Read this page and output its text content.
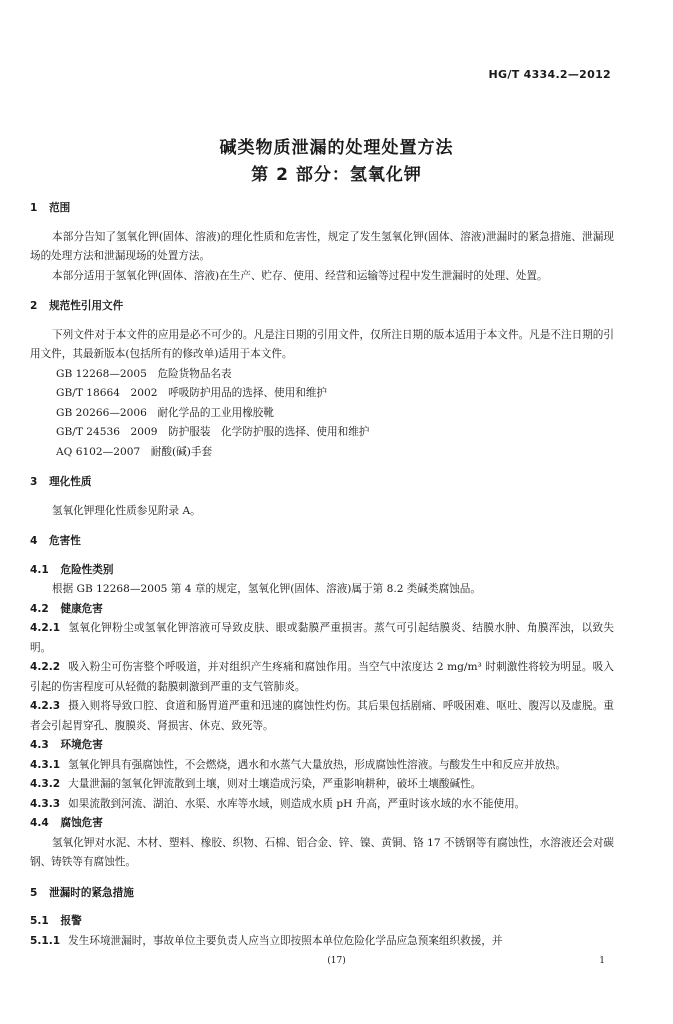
HG/T 4334.2—2012
碱类物质泄漏的处理处置方法
第 2 部分：氢氧化钾
1 范围
本部分告知了氢氧化钾(固体、溶液)的理化性质和危害性，规定了发生氢氧化钾(固体、溶液)泄漏时的紧急措施、泄漏现场的处理方法和泄漏现场的处置方法。
本部分适用于氢氧化钾(固体、溶液)在生产、贮存、使用、经营和运输等过程中发生泄漏时的处理、处置。
2 规范性引用文件
下列文件对于本文件的应用是必不可少的。凡是注日期的引用文件，仅所注日期的版本适用于本文件。凡是不注日期的引用文件，其最新版本(包括所有的修改单)适用于本文件。
GB 12268—2005　危险货物品名表
GB/T 18664　2002　呼吸防护用品的选择、使用和维护
GB 20266—2006　耐化学品的工业用橡胶靴
GB/T 24536　2009　防护服装　化学防护服的选择、使用和维护
AQ 6102—2007　耐酸(碱)手套
3 理化性质
氢氧化钾理化性质参见附录 A。
4 危害性
4.1 危险性类别
根据 GB 12268—2005 第 4 章的规定，氢氧化钾(固体、溶液)属于第 8.2 类碱类腐蚀品。
4.2 健康危害
4.2.1 氢氧化钾粉尘或氢氧化钾溶液可导致皮肤、眼或黏膜严重损害。蒸气可引起结膜炎、结膜水肿、角膜浑浊，以致失明。
4.2.2 吸入粉尘可伤害整个呼吸道，并对组织产生疼痛和腐蚀作用。当空气中浓度达 2 mg/m³ 时刺激性将较为明显。吸入引起的伤害程度可从轻微的黏膜刺激到严重的支气管肺炎。
4.2.3 摄入则将导致口腔、食道和肠胃道严重和迅速的腐蚀性灼伤。其后果包括剧痛、呼吸困难、呕吐、腹泻以及虚脱。重者会引起胃穿孔、腹膜炎、肾损害、休克、致死等。
4.3 环境危害
4.3.1 氢氧化钾具有强腐蚀性，不会燃烧，遇水和水蒸气大量放热，形成腐蚀性溶液。与酸发生中和反应并放热。
4.3.2 大量泄漏的氢氧化钾流散到土壤，则对土壤造成污染，严重影响耕种，破坏土壤酸碱性。
4.3.3 如果流散到河流、湖泊、水渠、水库等水域，则造成水质 pH 升高，严重时该水域的水不能使用。
4.4 腐蚀危害
氢氧化钾对水泥、木材、塑料、橡胶、织物、石棉、铝合金、锌、镍、黄铜、铬 17 不锈钢等有腐蚀性，水溶液还会对碳钢、铸铁等有腐蚀性。
5 泄漏时的紧急措施
5.1 报警
5.1.1 发生环境泄漏时，事故单位主要负责人应当立即按照本单位危险化学品应急预案组织救援，并
(17)	1
